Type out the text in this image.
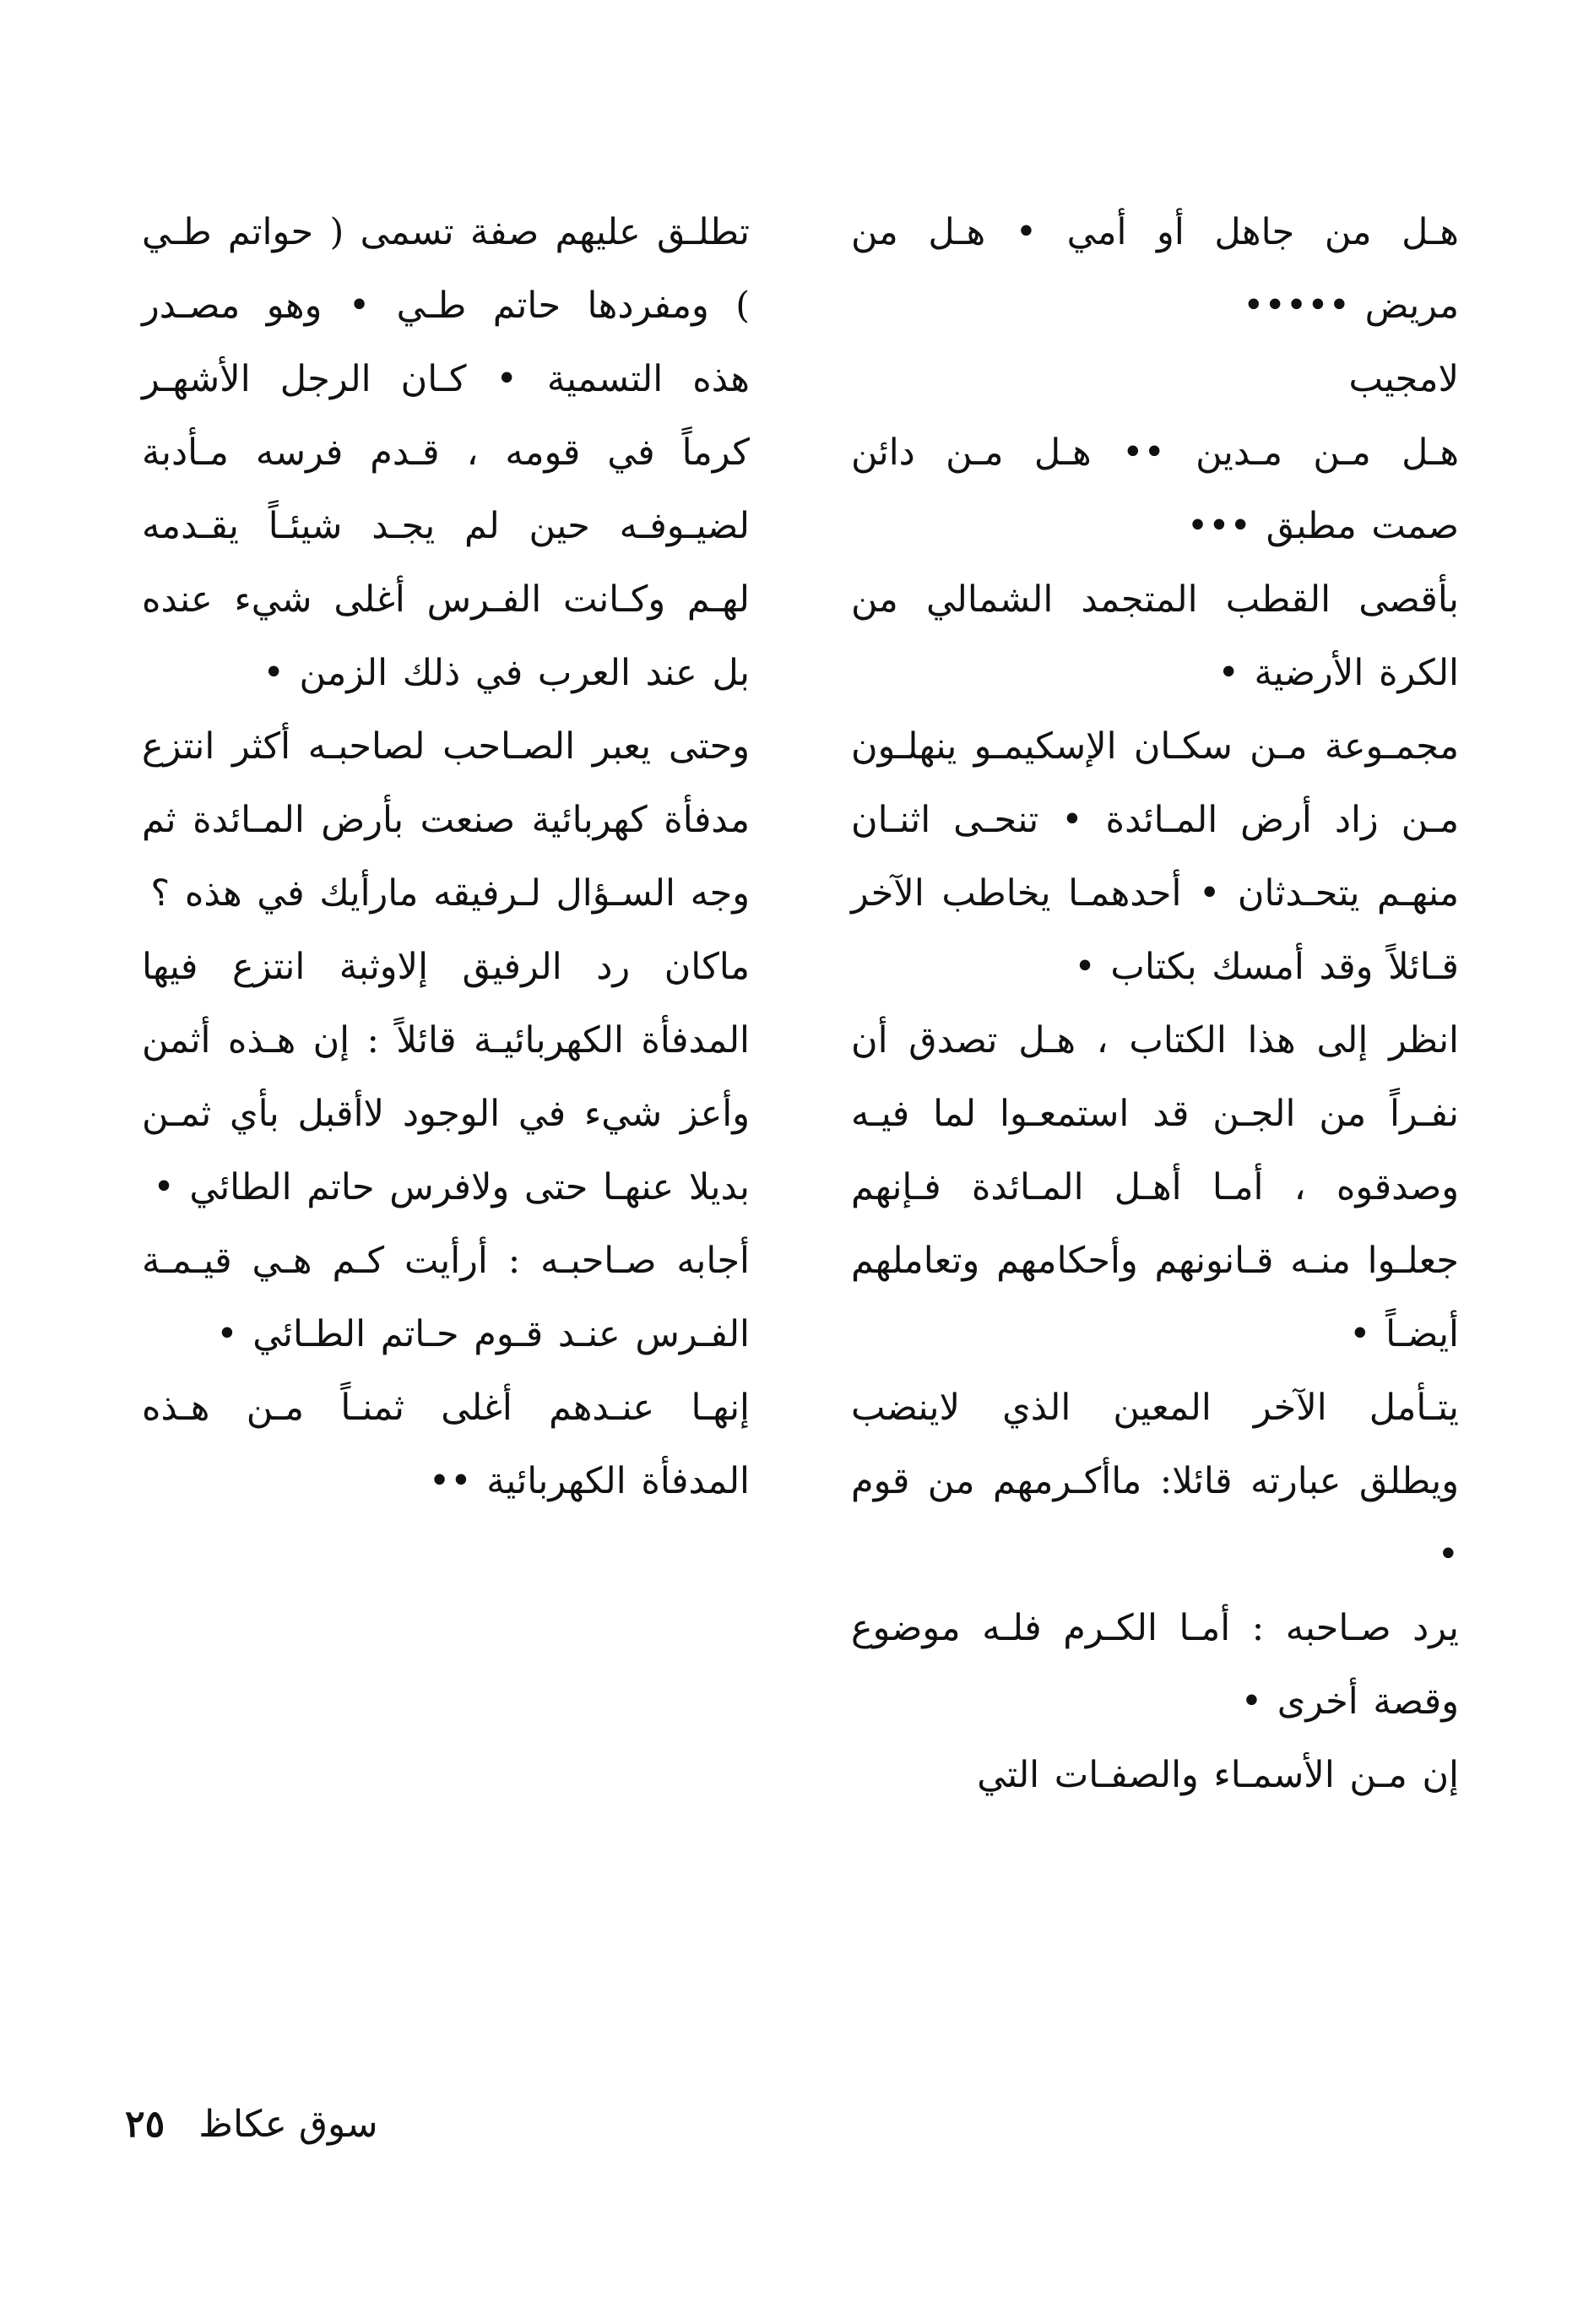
هـل من جاهل أو أمي • هـل من مريض •••••

لامجيب

هـل مـن مـدين •• هـل مـن دائن صمت مطبق •••

بأقصى القطب المتجمد الشمالي من الكرة الأرضية •

مجمـوعة مـن سكـان الإسكيمـو ينهلـون مـن زاد أرض المـائدة • تنحـى اثنـان منهـم يتحـدثان • أحدهمـا يخاطب الآخر قـائلاً وقد أمسك بكتاب •

انظر إلى هذا الكتاب ، هـل تصدق أن نفـراً من الجـن قد استمعـوا لما فيـه وصدقوه ، أمـا أهـل المـائدة فـإنهم جعلـوا منـه قـانونهم وأحكامهم وتعاملهم أيضـاً •

يتـأمل الآخر المعين الذي لاينضب ويطلق عبارته قائلا: ماأكـرمهم من قوم •

يرد صـاحبه : أمـا الكـرم فلـه موضوع وقصة أخرى •

إن مـن الأسمـاء والصفـات التي

تطلـق عليهم صفة تسمى ( حواتم طـي ) ومفردها حاتم طـي • وهو مصـدر هذه التسمية • كـان الرجل الأشهـر كرماً في قومه ، قـدم فرسه مـأدبة لضيـوفـه حين لم يجـد شيئـاً يقـدمه لهـم وكـانت الفـرس أغلى شيء عنده بل عند العرب في ذلك الزمن •

وحتى يعبر الصـاحب لصاحبـه أكثر انتزع مدفأة كهربائية صنعت بأرض المـائدة ثم وجه السـؤال لـرفيقه مارأيك في هذه ؟

ماكان رد الرفيق إلاوثبة انتزع فيها المدفأة الكهربائيـة قائلاً : إن هـذه أثمن وأعز شيء في الوجود لاأقبل بأي ثمـن بديلا عنهـا حتى ولافرس حاتم الطائي •

أجابه صـاحبـه : أرأيت كـم هـي قيـمـة الفـرس عنـد قـوم حـاتم الطـائي •

إنهـا عنـدهم أغلى ثمنـاً مـن هـذه المدفأة الكهربائية ••

سوق عكاظ
٢٥
